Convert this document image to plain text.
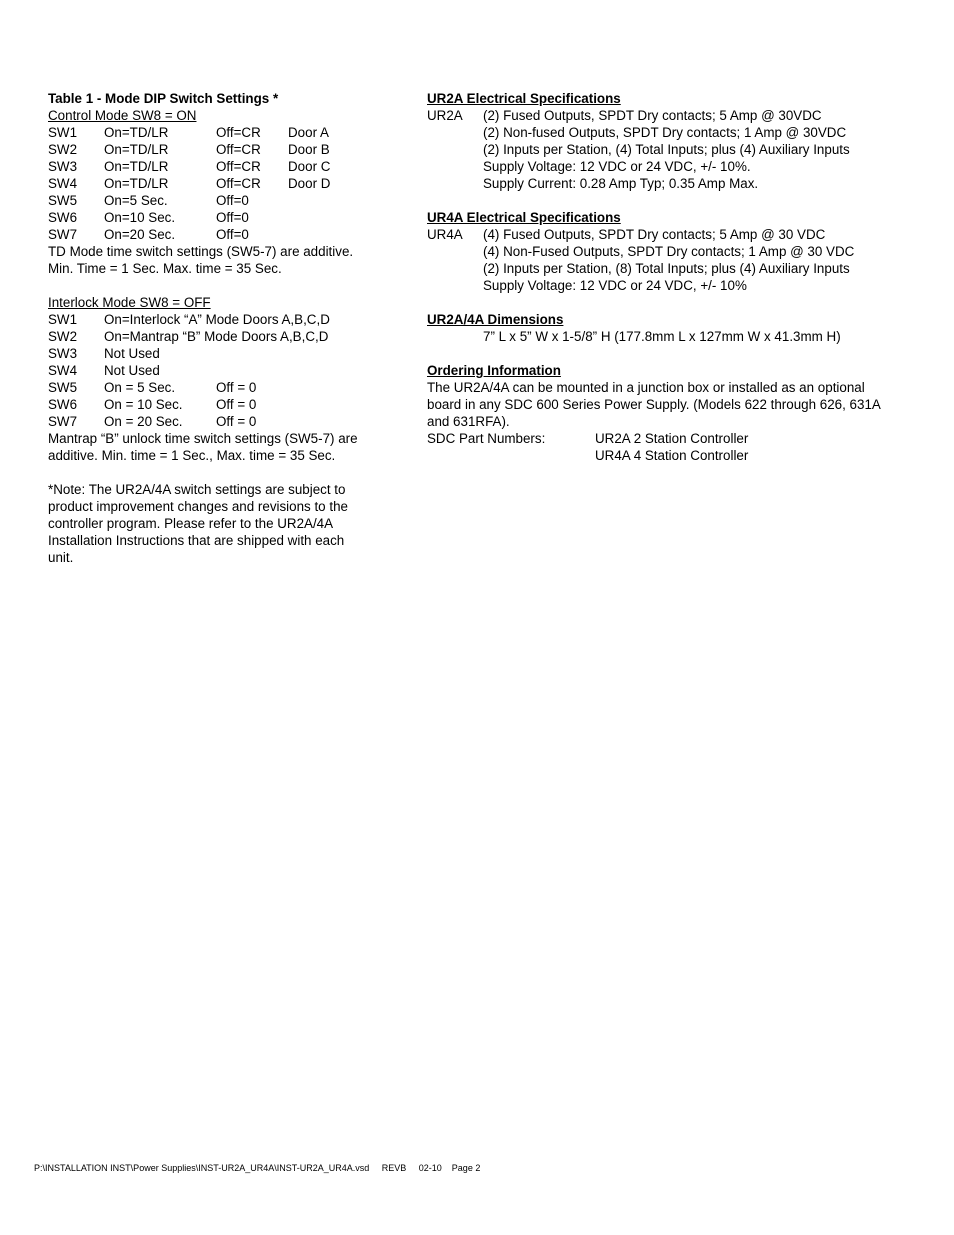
Table 1 - Mode DIP Switch Settings *
Control Mode SW8 = ON
SW1	On=TD/LR	Off=CR	Door A
SW2	On=TD/LR	Off=CR	Door B
SW3	On=TD/LR	Off=CR	Door C
SW4	On=TD/LR	Off=CR	Door D
SW5	On=5 Sec.	Off=0
SW6	On=10 Sec.	Off=0
SW7	On=20 Sec.	Off=0
TD Mode time switch settings (SW5-7) are additive.
Min. Time = 1 Sec. Max. time = 35 Sec.
Interlock Mode SW8 = OFF
SW1	On=Interlock “A” Mode Doors A,B,C,D
SW2	On=Mantrap “B” Mode Doors A,B,C,D
SW3	Not Used
SW4	Not Used
SW5	On = 5 Sec.	Off = 0
SW6	On = 10 Sec.	Off = 0
SW7	On = 20 Sec.	Off = 0
Mantrap “B” unlock time switch settings (SW5-7) are
additive. Min. time = 1 Sec., Max. time = 35 Sec.
*Note: The UR2A/4A switch settings are subject to
product improvement changes and revisions to the
controller program. Please refer to the UR2A/4A
Installation Instructions that are shipped with each
unit.
UR2A Electrical Specifications
UR2A	(2) Fused Outputs, SPDT Dry contacts; 5 Amp @ 30VDC
(2) Non-fused Outputs, SPDT Dry contacts; 1 Amp @ 30VDC
(2) Inputs per Station, (4) Total Inputs; plus (4) Auxiliary Inputs
Supply Voltage: 12 VDC or 24 VDC, +/- 10%.
Supply Current: 0.28 Amp Typ; 0.35 Amp Max.
UR4A Electrical Specifications
UR4A	(4) Fused Outputs, SPDT Dry contacts; 5 Amp @ 30 VDC
(4) Non-Fused Outputs, SPDT Dry contacts; 1 Amp @ 30 VDC
(2) Inputs per Station, (8) Total Inputs; plus (4) Auxiliary Inputs
Supply Voltage: 12 VDC or 24 VDC, +/- 10%
UR2A/4A Dimensions
7” L x 5” W x 1-5/8” H (177.8mm L x 127mm W x 41.3mm H)
Ordering Information
The UR2A/4A can be mounted in a junction box or installed as an optional
board in any SDC 600 Series Power Supply. (Models 622 through 626, 631A
and 631RFA).
SDC Part Numbers:	UR2A 2 Station Controller
UR4A 4 Station Controller
P:\INSTALLATION INST\Power Supplies\INST-UR2A_UR4A\INST-UR2A_UR4A.vsd     REVB     02-10    Page 2
